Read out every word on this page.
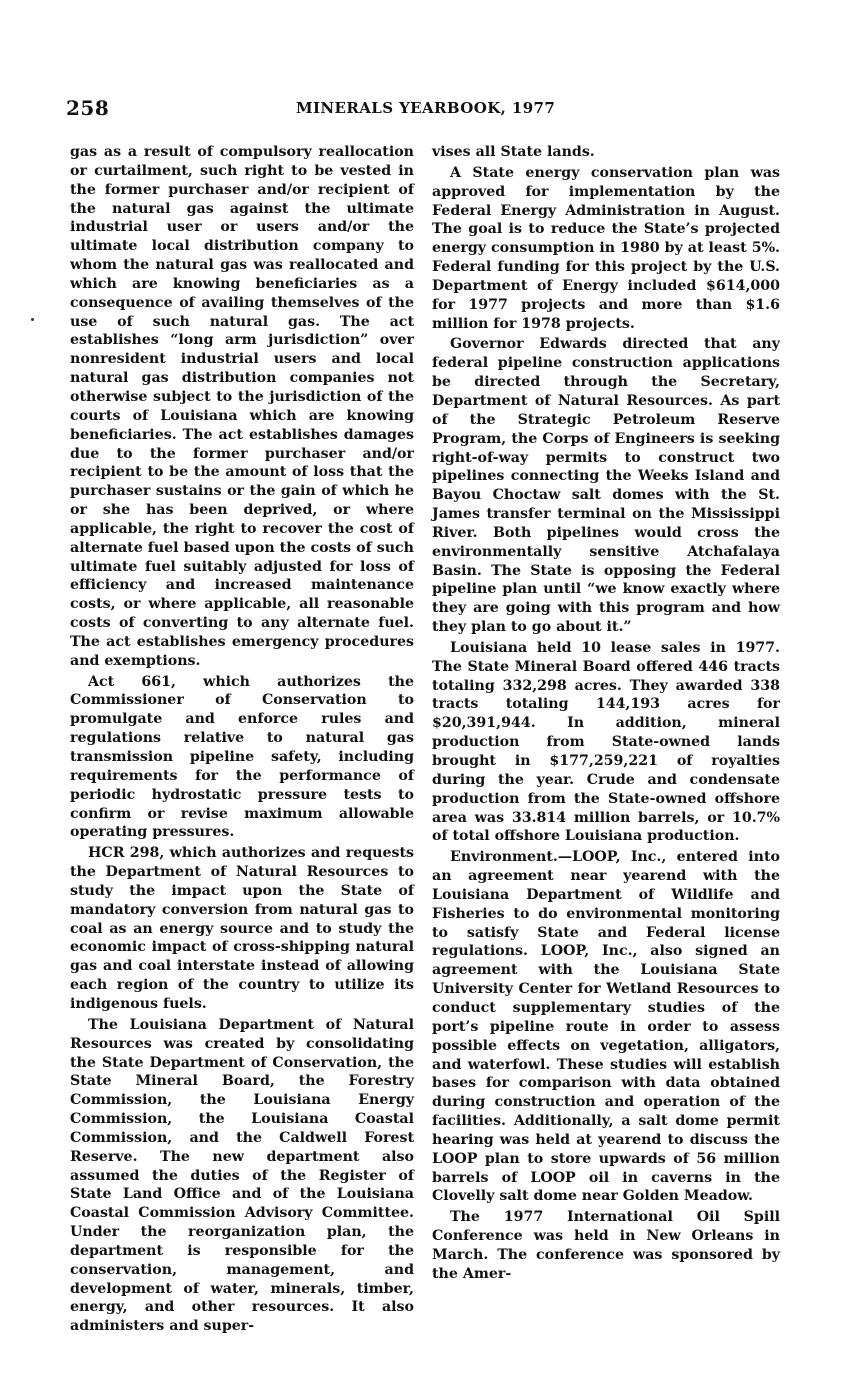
258	MINERALS YEARBOOK, 1977

gas as a result of compulsory reallocation or curtailment, such right to be vested in the former purchaser and/or recipient of the natural gas against the ultimate industrial user or users and/or the ultimate local distribution company to whom the natural gas was reallocated and which are knowing beneficiaries as a consequence of availing themselves of the use of such natural gas. The act establishes “long arm jurisdiction” over nonresident industrial users and local natural gas distribution companies not otherwise subject to the jurisdiction of the courts of Louisiana which are knowing beneficiaries. The act establishes damages due to the former purchaser and/or recipient to be the amount of loss that the purchaser sustains or the gain of which he or she has been deprived, or where applicable, the right to recover the cost of alternate fuel based upon the costs of such ultimate fuel suitably adjusted for loss of efficiency and increased maintenance costs, or where applicable, all reasonable costs of converting to any alternate fuel. The act establishes emergency procedures and exemptions.

Act 661, which authorizes the Commissioner of Conservation to promulgate and enforce rules and regulations relative to natural gas transmission pipeline safety, including requirements for the performance of periodic hydrostatic pressure tests to confirm or revise maximum allowable operating pressures.

HCR 298, which authorizes and requests the Department of Natural Resources to study the impact upon the State of mandatory conversion from natural gas to coal as an energy source and to study the economic impact of cross-shipping natural gas and coal interstate instead of allowing each region of the country to utilize its indigenous fuels.

The Louisiana Department of Natural Resources was created by consolidating the State Department of Conservation, the State Mineral Board, the Forestry Commission, the Louisiana Energy Commission, the Louisiana Coastal Commission, and the Caldwell Forest Reserve. The new department also assumed the duties of the Register of State Land Office and of the Louisiana Coastal Commission Advisory Committee. Under the reorganization plan, the department is responsible for the conservation, management, and development of water, minerals, timber, energy, and other resources. It also administers and super-

vises all State lands.

A State energy conservation plan was approved for implementation by the Federal Energy Administration in August. The goal is to reduce the State’s projected energy consumption in 1980 by at least 5%. Federal funding for this project by the U.S. Department of Energy included $614,000 for 1977 projects and more than $1.6 million for 1978 projects.

Governor Edwards directed that any federal pipeline construction applications be directed through the Secretary, Department of Natural Resources. As part of the Strategic Petroleum Reserve Program, the Corps of Engineers is seeking right-of-way permits to construct two pipelines connecting the Weeks Island and Bayou Choctaw salt domes with the St. James transfer terminal on the Mississippi River. Both pipelines would cross the environmentally sensitive Atchafalaya Basin. The State is opposing the Federal pipeline plan until “we know exactly where they are going with this program and how they plan to go about it.”

Louisiana held 10 lease sales in 1977. The State Mineral Board offered 446 tracts totaling 332,298 acres. They awarded 338 tracts totaling 144,193 acres for $20,391,944. In addition, mineral production from State-owned lands brought in $177,259,221 of royalties during the year. Crude and condensate production from the State-owned offshore area was 33.814 million barrels, or 10.7% of total offshore Louisiana production.

Environment.—LOOP, Inc., entered into an agreement near yearend with the Louisiana Department of Wildlife and Fisheries to do environmental monitoring to satisfy State and Federal license regulations. LOOP, Inc., also signed an agreement with the Louisiana State University Center for Wetland Resources to conduct supplementary studies of the port’s pipeline route in order to assess possible effects on vegetation, alligators, and waterfowl. These studies will establish bases for comparison with data obtained during construction and operation of the facilities. Additionally, a salt dome permit hearing was held at yearend to discuss the LOOP plan to store upwards of 56 million barrels of LOOP oil in caverns in the Clovelly salt dome near Golden Meadow.

The 1977 International Oil Spill Conference was held in New Orleans in March. The conference was sponsored by the Amer-
